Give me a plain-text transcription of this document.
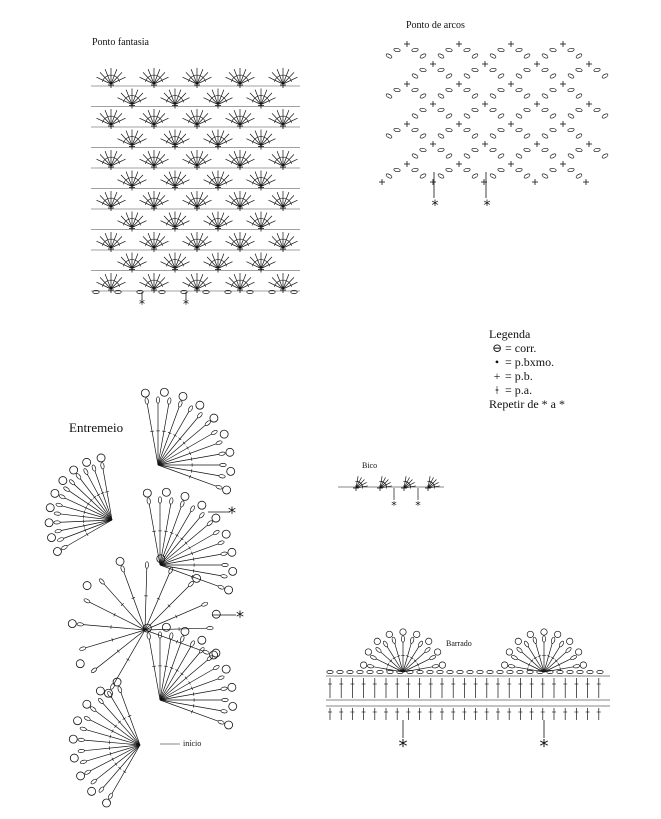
Ponto fantasia
Ponto de arcos
Entremeio
Bico
Barrado
início
Legenda
⊖ = corr.
• = p.bxmo.
+ = p.b.
ǂ = p.a.
Repetir de * a *
*	*
*	*
*
*
* *
*	*
